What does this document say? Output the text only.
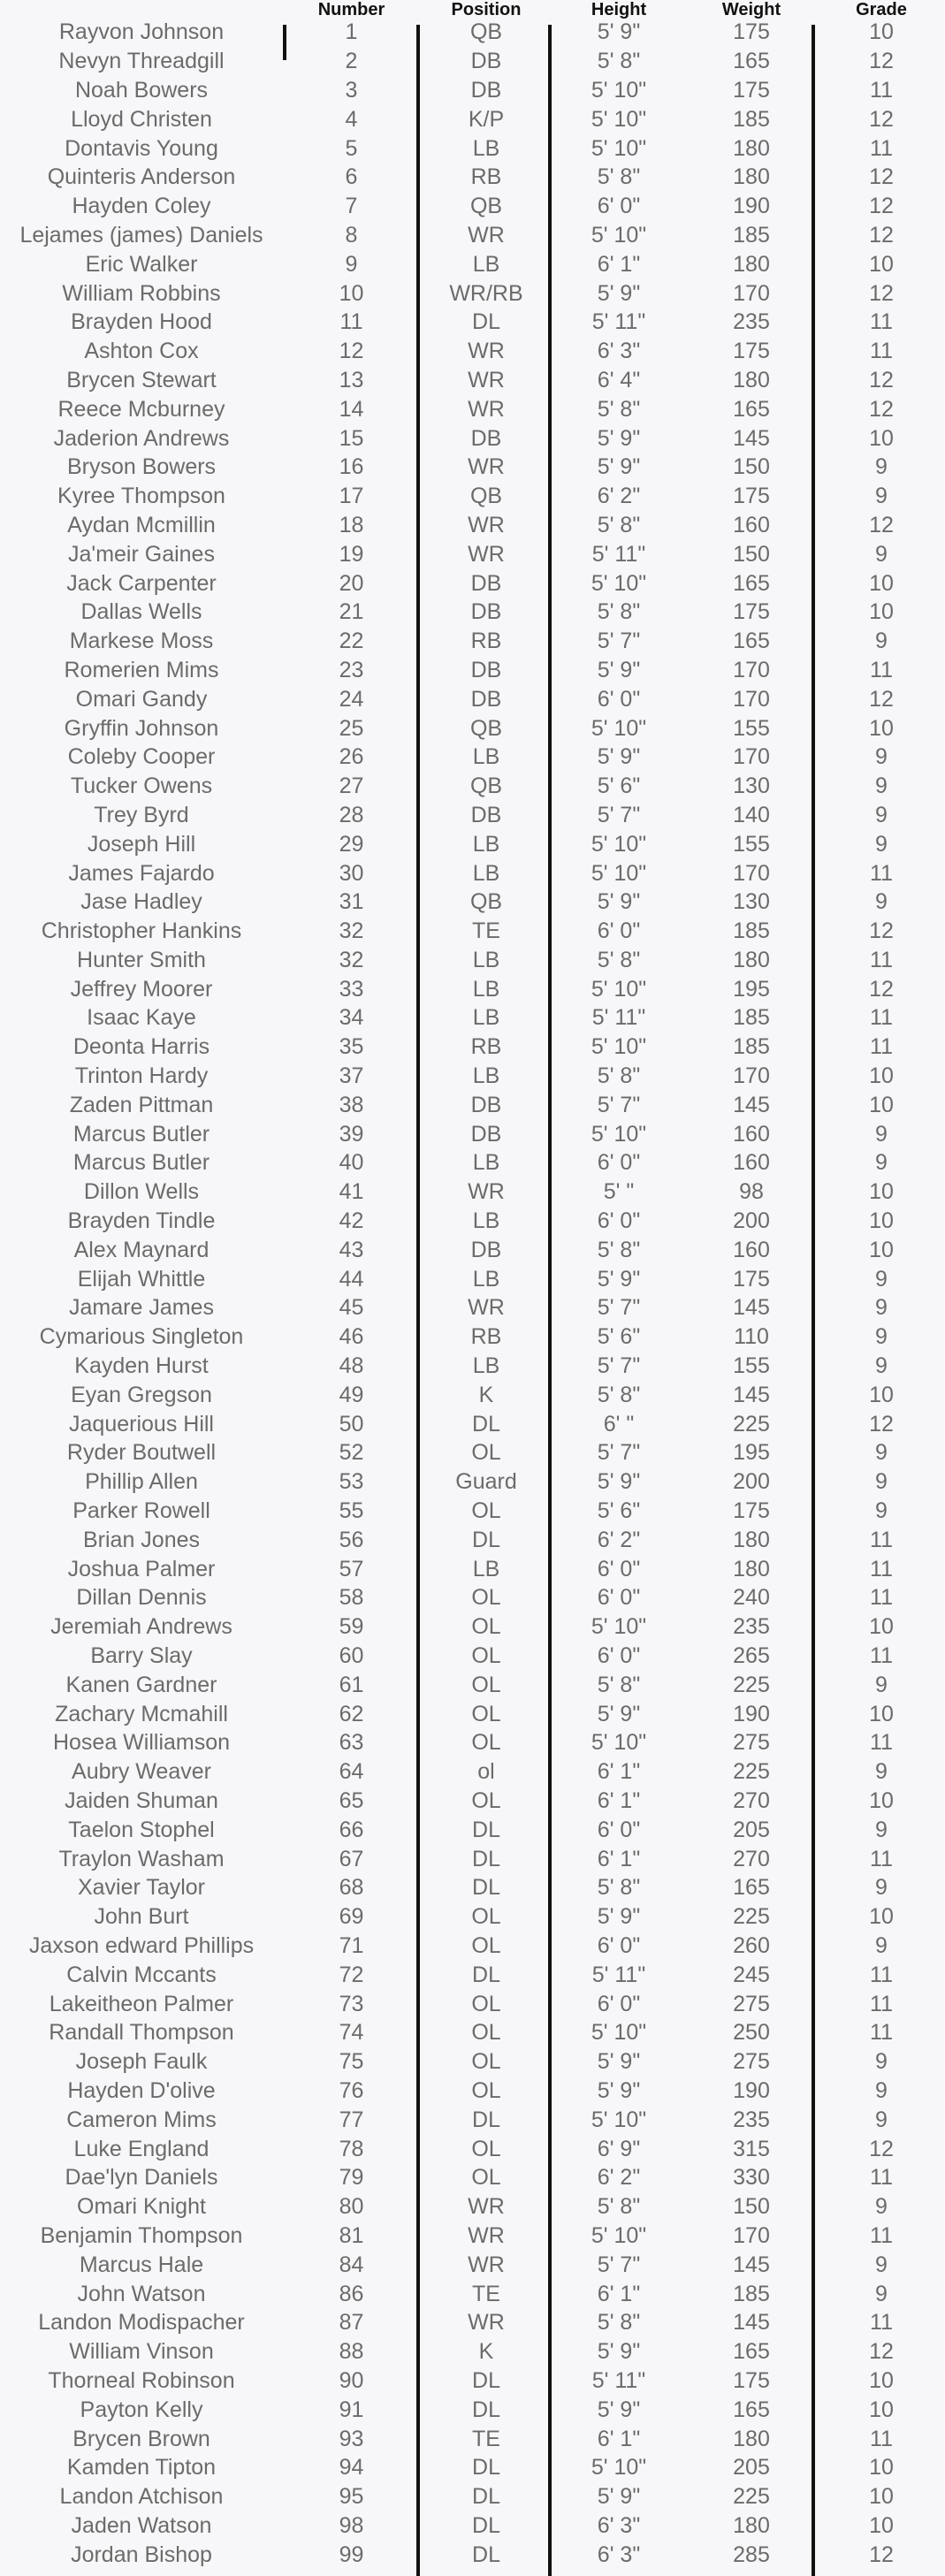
	Number	Position	Height	Weight	Grade
Rayvon Johnson	1	QB	5' 9"	175	10
Nevyn Threadgill	2	DB	5' 8"	165	12
Noah Bowers	3	DB	5' 10"	175	11
Lloyd Christen	4	K/P	5' 10"	185	12
Dontavis Young	5	LB	5' 10"	180	11
Quinteris Anderson	6	RB	5' 8"	180	12
Hayden Coley	7	QB	6' 0"	190	12
Lejames (james) Daniels	8	WR	5' 10"	185	12
Eric Walker	9	LB	6' 1"	180	10
William Robbins	10	WR/RB	5' 9"	170	12
Brayden Hood	11	DL	5' 11"	235	11
Ashton Cox	12	WR	6' 3"	175	11
Brycen Stewart	13	WR	6' 4"	180	12
Reece Mcburney	14	WR	5' 8"	165	12
Jaderion Andrews	15	DB	5' 9"	145	10
Bryson Bowers	16	WR	5' 9"	150	9
Kyree Thompson	17	QB	6' 2"	175	9
Aydan Mcmillin	18	WR	5' 8"	160	12
Ja'meir Gaines	19	WR	5' 11"	150	9
Jack Carpenter	20	DB	5' 10"	165	10
Dallas Wells	21	DB	5' 8"	175	10
Markese Moss	22	RB	5' 7"	165	9
Romerien Mims	23	DB	5' 9"	170	11
Omari Gandy	24	DB	6' 0"	170	12
Gryffin Johnson	25	QB	5' 10"	155	10
Coleby Cooper	26	LB	5' 9"	170	9
Tucker Owens	27	QB	5' 6"	130	9
Trey Byrd	28	DB	5' 7"	140	9
Joseph Hill	29	LB	5' 10"	155	9
James Fajardo	30	LB	5' 10"	170	11
Jase Hadley	31	QB	5' 9"	130	9
Christopher Hankins	32	TE	6' 0"	185	12
Hunter Smith	32	LB	5' 8"	180	11
Jeffrey Moorer	33	LB	5' 10"	195	12
Isaac Kaye	34	LB	5' 11"	185	11
Deonta Harris	35	RB	5' 10"	185	11
Trinton Hardy	37	LB	5' 8"	170	10
Zaden Pittman	38	DB	5' 7"	145	10
Marcus Butler	39	DB	5' 10"	160	9
Marcus Butler	40	LB	6' 0"	160	9
Dillon Wells	41	WR	5' "	98	10
Brayden Tindle	42	LB	6' 0"	200	10
Alex Maynard	43	DB	5' 8"	160	10
Elijah Whittle	44	LB	5' 9"	175	9
Jamare James	45	WR	5' 7"	145	9
Cymarious Singleton	46	RB	5' 6"	110	9
Kayden Hurst	48	LB	5' 7"	155	9
Eyan Gregson	49	K	5' 8"	145	10
Jaquerious Hill	50	DL	6' "	225	12
Ryder Boutwell	52	OL	5' 7"	195	9
Phillip Allen	53	Guard	5' 9"	200	9
Parker Rowell	55	OL	5' 6"	175	9
Brian Jones	56	DL	6' 2"	180	11
Joshua Palmer	57	LB	6' 0"	180	11
Dillan Dennis	58	OL	6' 0"	240	11
Jeremiah Andrews	59	OL	5' 10"	235	10
Barry Slay	60	OL	6' 0"	265	11
Kanen Gardner	61	OL	5' 8"	225	9
Zachary Mcmahill	62	OL	5' 9"	190	10
Hosea Williamson	63	OL	5' 10"	275	11
Aubry Weaver	64	ol	6' 1"	225	9
Jaiden Shuman	65	OL	6' 1"	270	10
Taelon Stophel	66	DL	6' 0"	205	9
Traylon Washam	67	DL	6' 1"	270	11
Xavier Taylor	68	DL	5' 8"	165	9
John Burt	69	OL	5' 9"	225	10
Jaxson edward Phillips	71	OL	6' 0"	260	9
Calvin Mccants	72	DL	5' 11"	245	11
Lakeitheon Palmer	73	OL	6' 0"	275	11
Randall Thompson	74	OL	5' 10"	250	11
Joseph Faulk	75	OL	5' 9"	275	9
Hayden D'olive	76	OL	5' 9"	190	9
Cameron Mims	77	DL	5' 10"	235	9
Luke England	78	OL	6' 9"	315	12
Dae'lyn Daniels	79	OL	6' 2"	330	11
Omari Knight	80	WR	5' 8"	150	9
Benjamin Thompson	81	WR	5' 10"	170	11
Marcus Hale	84	WR	5' 7"	145	9
John Watson	86	TE	6' 1"	185	9
Landon Modispacher	87	WR	5' 8"	145	11
William Vinson	88	K	5' 9"	165	12
Thorneal Robinson	90	DL	5' 11"	175	10
Payton Kelly	91	DL	5' 9"	165	10
Brycen Brown	93	TE	6' 1"	180	11
Kamden Tipton	94	DL	5' 10"	205	10
Landon Atchison	95	DL	5' 9"	225	10
Jaden Watson	98	DL	6' 3"	180	10
Jordan Bishop	99	DL	6' 3"	285	12
